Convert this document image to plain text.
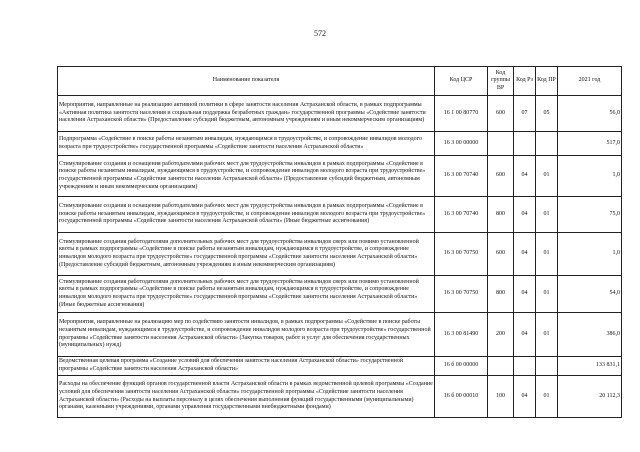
572
Наименование показателя	Код ЦСР	Код группы ВР	Код Рз	Код ПР	2021 год
Мероприятия, направленные на реализацию активной политики в сфере занятости населения Астраханской области, в рамках подпрограммы «Активная политика занятости населения и социальная поддержка безработных граждан» государственной программы «Содействие занятости населения Астраханской области» (Предоставление субсидий бюджетным, автономным учреждениям и иным некоммерческим организациям)	16 1 00 80770	600	07	05	56,0
Подпрограмма «Содействие в поиске работы незанятым инвалидам, нуждающимся в трудоустройстве, и сопровождение инвалидов молодого возраста при трудоустройстве» государственной программы «Содействие занятости населения Астраханской области»	16 3 00 00000				517,0
Стимулирование создания и оснащения работодателями рабочих мест для трудоустройства инвалидов в рамках подпрограммы «Содействие в поиске работы незанятым инвалидам, нуждающимся в трудоустройстве, и сопровождение инвалидов молодого возраста при трудоустройстве» государственной программы «Содействие занятости населения Астраханской области» (Предоставление субсидий бюджетным, автономным учреждениям и иным некоммерческим организациям)	16 3 00 70740	600	04	01	1,0
Стимулирование создания и оснащения работодателями рабочих мест для трудоустройства инвалидов в рамках подпрограммы «Содействие в поиске работы незанятым инвалидам, нуждающимся в трудоустройстве, и сопровождение инвалидов молодого возраста при трудоустройстве» государственной программы «Содействие занятости населения Астраханской области» (Иные бюджетные ассигнования)	16 3 00 70740	800	04	01	75,0
Стимулирование создания работодателями дополнительных рабочих мест для трудоустройства инвалидов сверх или помимо установленной квоты в рамках подпрограммы «Содействие в поиске работы незанятым инвалидам, нуждающимся в трудоустройстве, и сопровождение инвалидов молодого возраста при трудоустройстве» государственной программы «Содействие занятости населения Астраханской области» (Предоставление субсидий бюджетным, автономным учреждениям и иным некоммерческим организациям)	16 3 00 70750	600	04	01	1,0
Стимулирование создания работодателями дополнительных рабочих мест для трудоустройства инвалидов сверх или помимо установленной квоты в рамках подпрограммы «Содействие в поиске работы незанятым инвалидам, нуждающимся в трудоустройстве, и сопровождение инвалидов молодого возраста при трудоустройстве» государственной программы «Содействие занятости населения Астраханской области» (Иные бюджетные ассигнования)	16 3 00 70750	800	04	01	54,0
Мероприятия, направленные на реализацию мер по содействию занятости инвалидов, в рамках подпрограммы «Содействие в поиске работы незанятым инвалидам, нуждающимся в трудоустройстве, и сопровождение инвалидов молодого возраста при трудоустройстве» государственной программы «Содействие занятости населения Астраханской области» (Закупка товаров, работ и услуг для обеспечения государственных (муниципальных) нужд)	16 3 00 81490	200	04	01	386,0
Ведомственная целевая программа «Создание условий для обеспечения занятости населения Астраханской области» государственной программы «Содействие занятости населения Астраханской области»	16 б 00 00000				133 831,1
Расходы на обеспечение функций органов государственной власти Астраханской области в рамках ведомственной целевой программы «Создание условий для обеспечения занятости населения Астраханской области» государственной программы «Содействие занятости населения Астраханской области» (Расходы на выплаты персоналу в целях обеспечения выполнения функций государственными (муниципальными) органами, казенными учреждениями, органами управления государственными внебюджетными фондами)	16 б 00 00010	100	04	01	20 112,3
